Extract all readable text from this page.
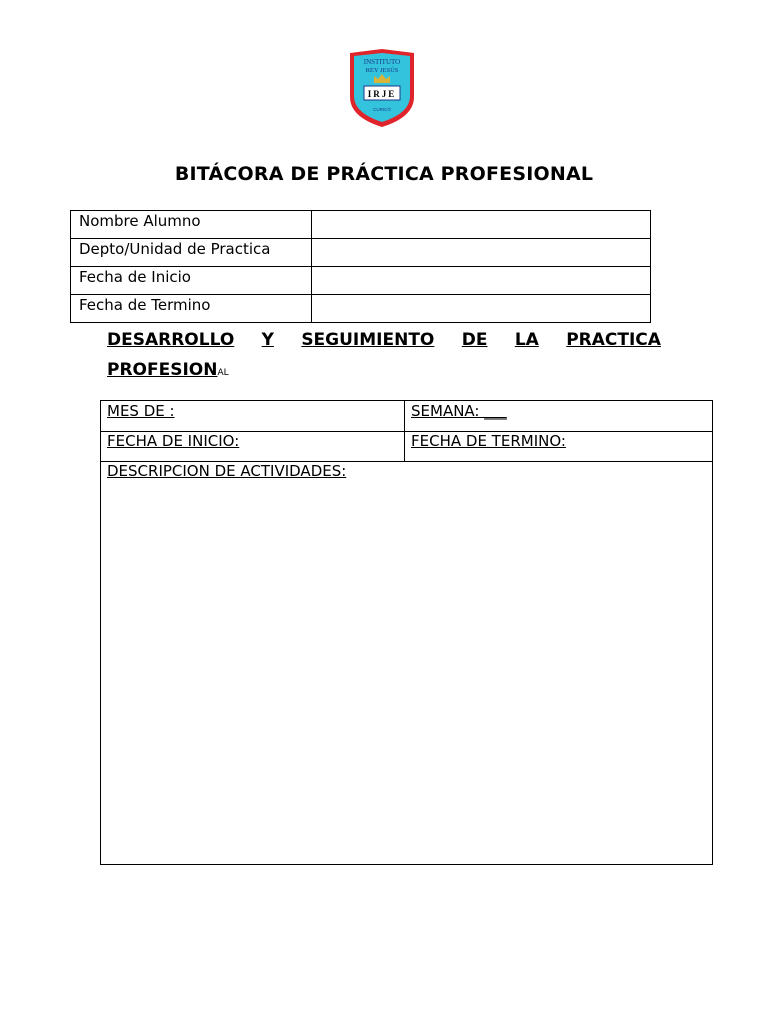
INSTITUTO
REY JESÚS
IRJE
CURICÓ
BITÁCORA DE PRÁCTICA PROFESIONAL
Nombre Alumno	
Depto/Unidad de Practica	
Fecha de Inicio	
Fecha de Termino	
DESARROLLO Y SEGUIMIENTO DE LA PRACTICA
PROFESIONAL
MES DE :	SEMANA: ___
FECHA DE INICIO:	FECHA DE TERMINO:
DESCRIPCION DE ACTIVIDADES:
